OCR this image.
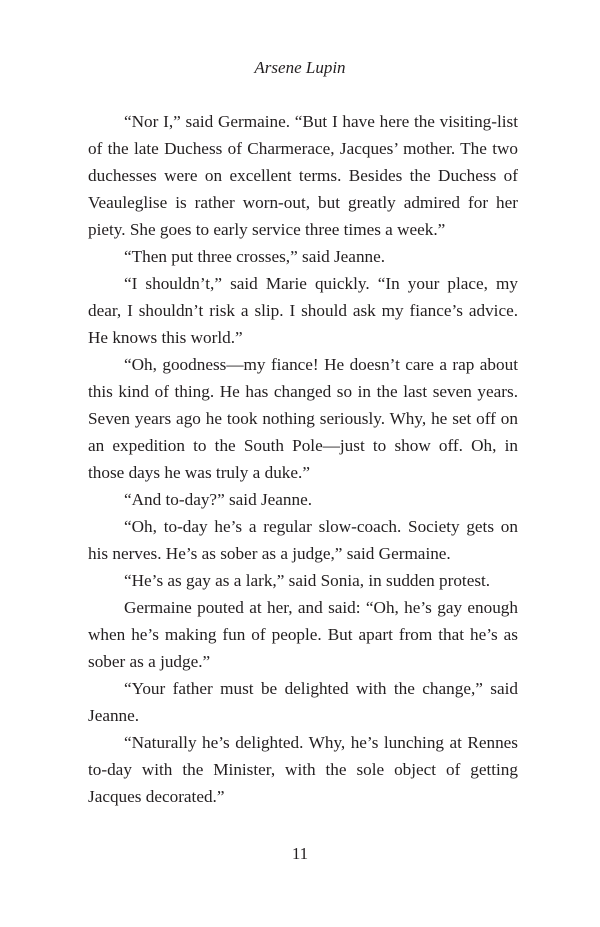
Arsene Lupin

“Nor I,” said Germaine. “But I have here the visiting-list of the late Duchess of Charmerace, Jacques’ mother. The two duchesses were on excellent terms. Besides the Duchess of Veauleglise is rather worn-out, but greatly admired for her piety. She goes to early service three times a week.”

“Then put three crosses,” said Jeanne.

“I shouldn’t,” said Marie quickly. “In your place, my dear, I shouldn’t risk a slip. I should ask my fiance’s advice. He knows this world.”

“Oh, goodness—my fiance! He doesn’t care a rap about this kind of thing. He has changed so in the last seven years. Seven years ago he took nothing seriously. Why, he set off on an expedition to the South Pole—just to show off. Oh, in those days he was truly a duke.”

“And to-day?” said Jeanne.

“Oh, to-day he’s a regular slow-coach. Society gets on his nerves. He’s as sober as a judge,” said Germaine.

“He’s as gay as a lark,” said Sonia, in sudden protest.

Germaine pouted at her, and said: “Oh, he’s gay enough when he’s making fun of people. But apart from that he’s as sober as a judge.”

“Your father must be delighted with the change,” said Jeanne.

“Naturally he’s delighted. Why, he’s lunching at Rennes to-day with the Minister, with the sole object of getting Jacques decorated.”

11
